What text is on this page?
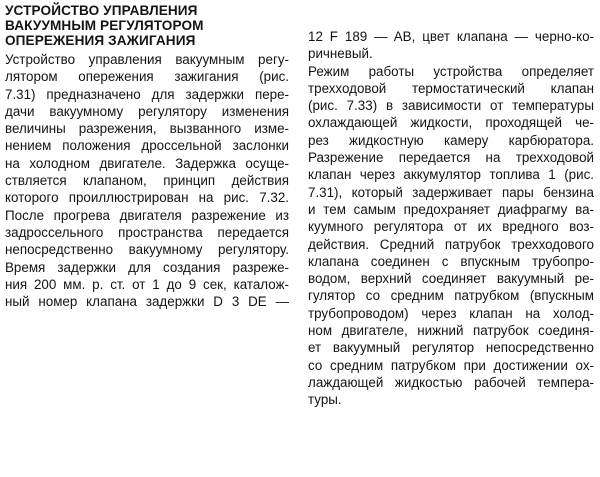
УСТРОЙСТВО УПРАВЛЕНИЯ
ВАКУУМНЫМ РЕГУЛЯТОРОМ
ОПЕРЕЖЕНИЯ ЗАЖИГАНИЯ
Устройство управления вакуумным регу-
лятором опережения зажигания (рис.
7.31) предназначено для задержки пере-
дачи вакуумному регулятору изменения
величины разрежения, вызванного изме-
нением положения дроссельной заслонки
на холодном двигателе. Задержка осуще-
ствляется клапаном, принцип действия
которого проиллюстрирован на рис. 7.32.
После прогрева двигателя разрежение из
задроссельного пространства передается
непосредственно вакуумному регулятору.
Время задержки для создания разреже-
ния 200 мм. р. ст. от 1 до 9 сек, каталож-
ный номер клапана задержки D 3 DE —
12 F 189 — AB, цвет клапана — черно-ко-
ричневый.
Режим работы устройства определяет
трехходовой термостатический клапан
(рис. 7.33) в зависимости от температуры
охлаждающей жидкости, проходящей че-
рез жидкостную камеру карбюратора.
Разрежение передается на трехходовой
клапан через аккумулятор топлива 1 (рис.
7.31), который задерживает пары бензина
и тем самым предохраняет диафрагму ва-
куумного регулятора от их вредного воз-
действия. Средний патрубок трехходового
клапана соединен с впускным трубопро-
водом, верхний соединяет вакуумный ре-
гулятор со средним патрубком (впускным
трубопроводом) через клапан на холод-
ном двигателе, нижний патрубок соединя-
ет вакуумный регулятор непосредственно
со средним патрубком при достижении ох-
лаждающей жидкостью рабочей темпера-
туры.
